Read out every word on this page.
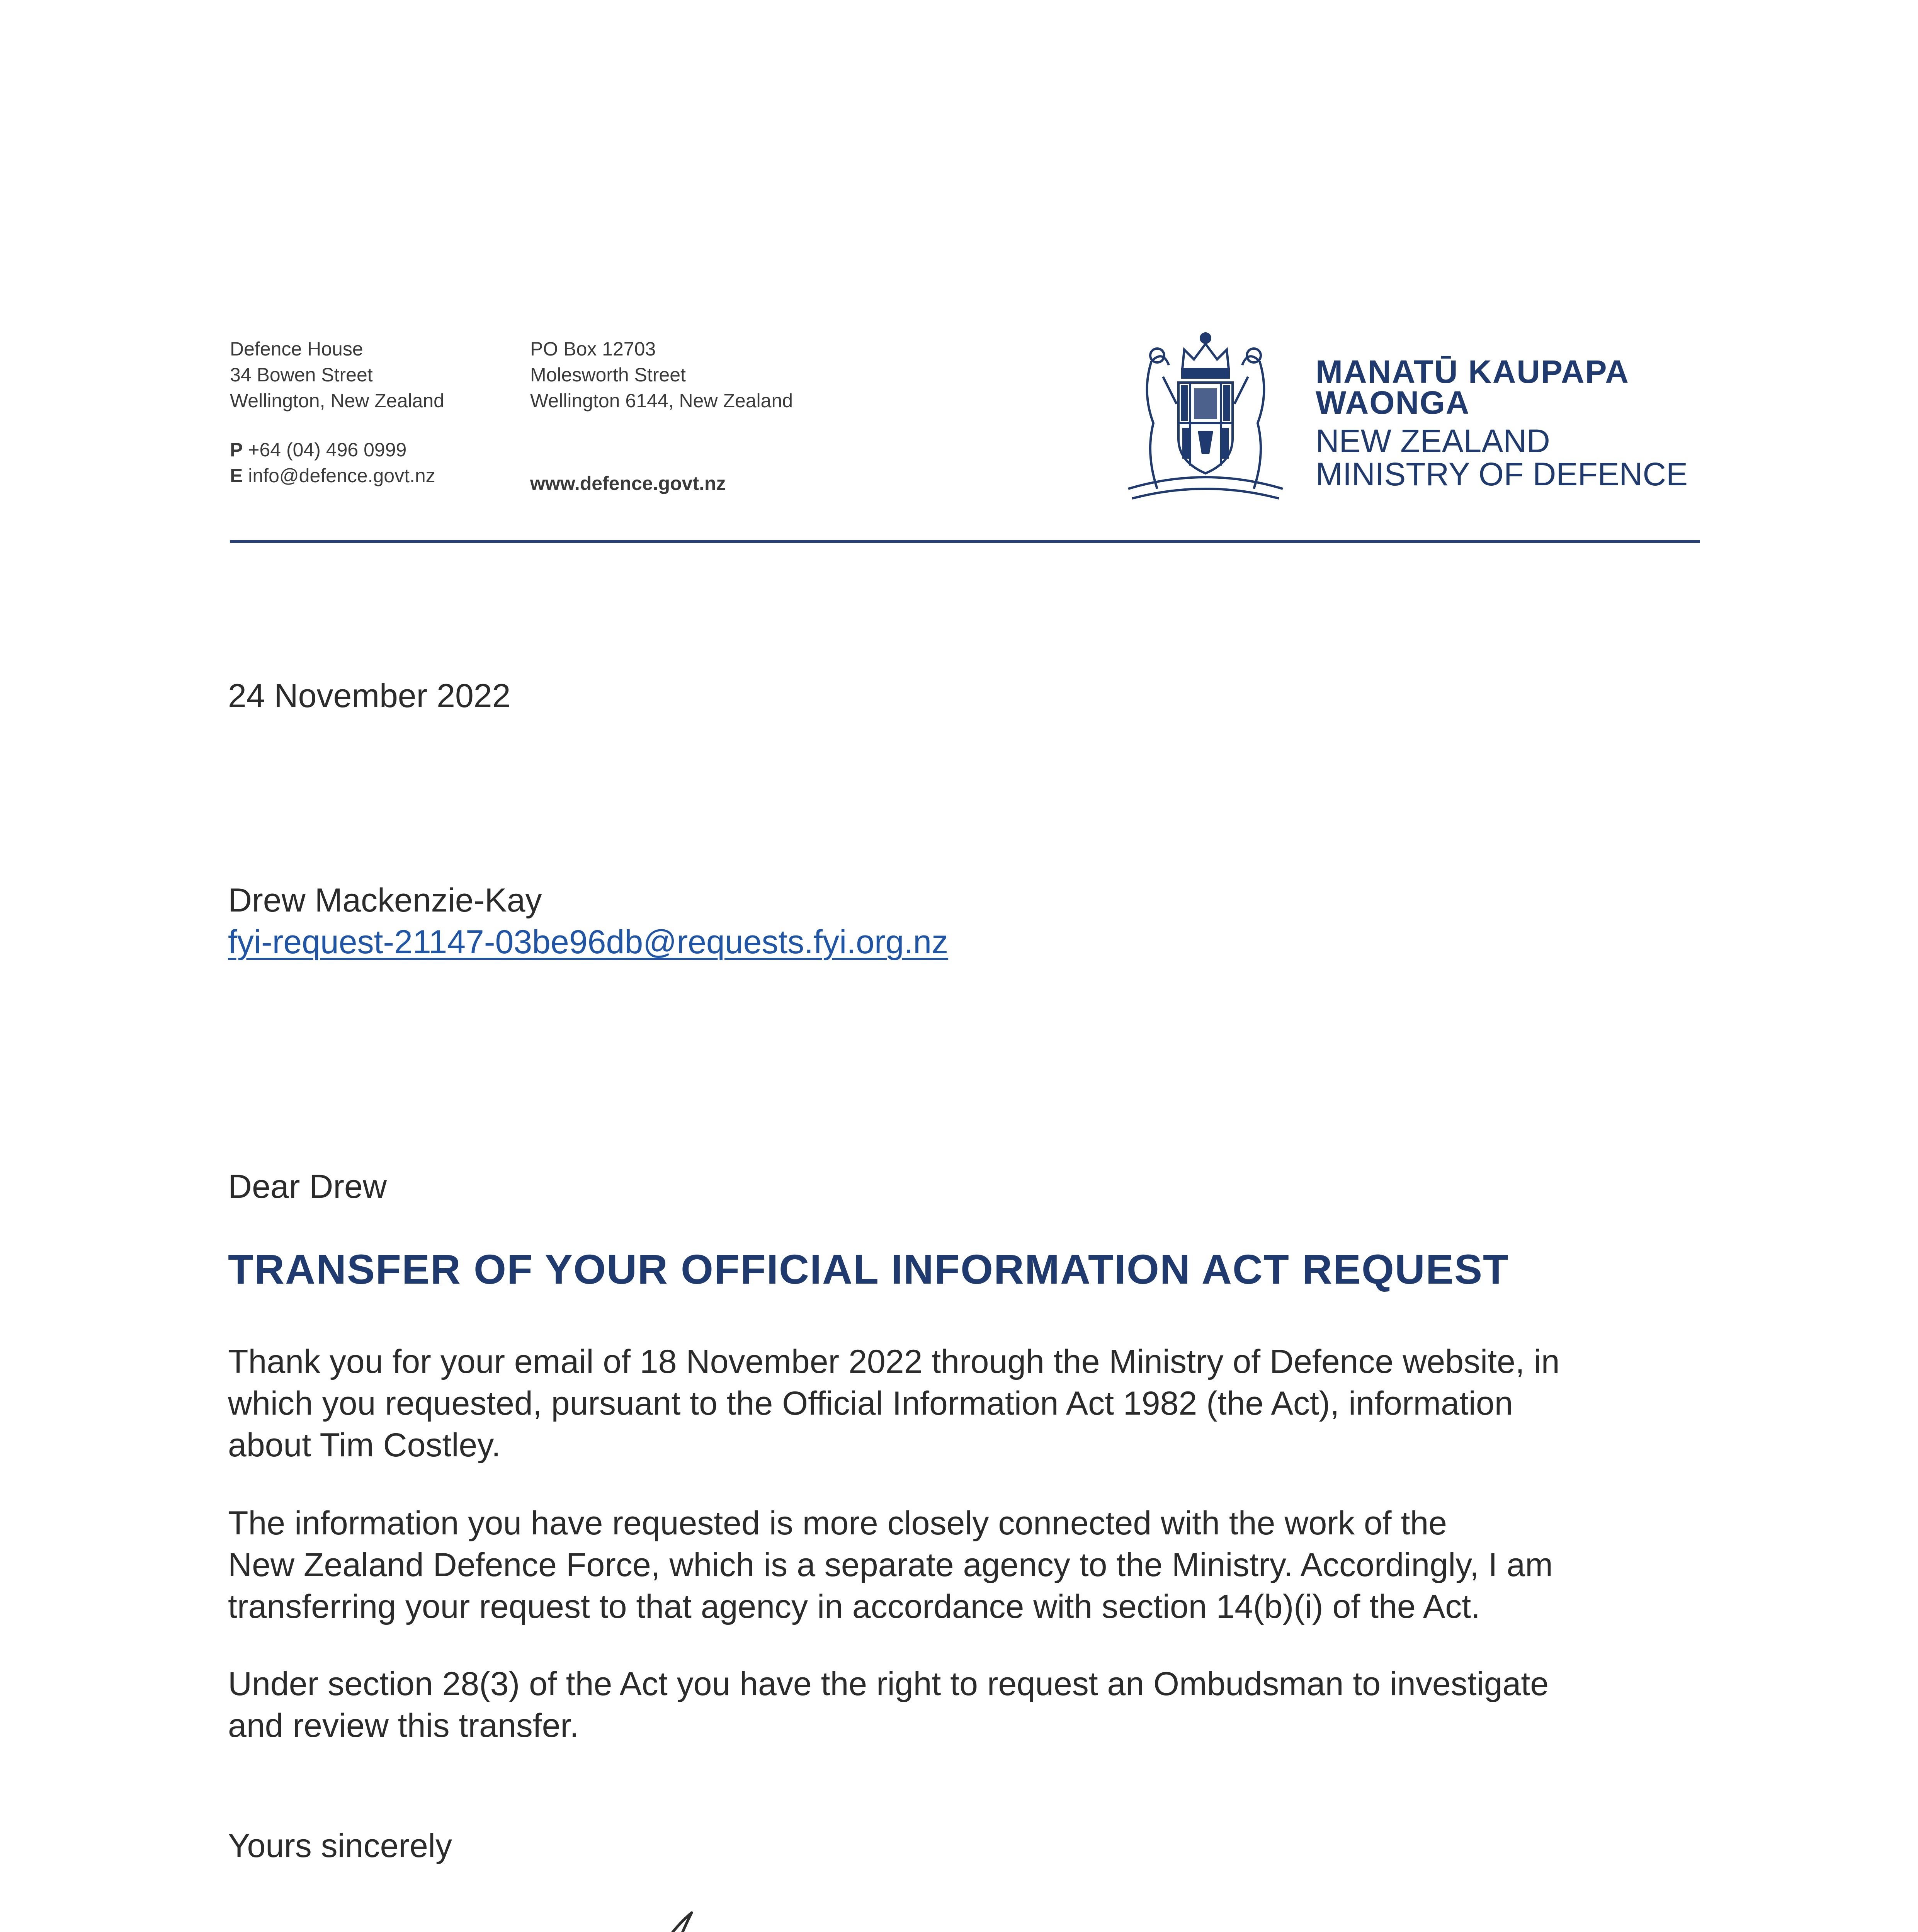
Defence House
34 Bowen Street
Wellington, New Zealand
P +64 (04) 496 0999
E info@defence.govt.nz
PO Box 12703
Molesworth Street
Wellington 6144, New Zealand
www.defence.govt.nz
MANATŪ KAUPAPA
WAONGA
NEW ZEALAND
MINISTRY OF DEFENCE
24 November 2022
Drew Mackenzie-Kay
fyi-request-21147-03be96db@requests.fyi.org.nz
Dear Drew
TRANSFER OF YOUR OFFICIAL INFORMATION ACT REQUEST
Thank you for your email of 18 November 2022 through the Ministry of Defence website, in
which you requested, pursuant to the Official Information Act 1982 (the Act), information
about Tim Costley.
The information you have requested is more closely connected with the work of the
New Zealand Defence Force, which is a separate agency to the Ministry. Accordingly, I am
transferring your request to that agency in accordance with section 14(b)(i) of the Act.
Under section 28(3) of the Act you have the right to request an Ombudsman to investigate
and review this transfer.
Yours sincerely
